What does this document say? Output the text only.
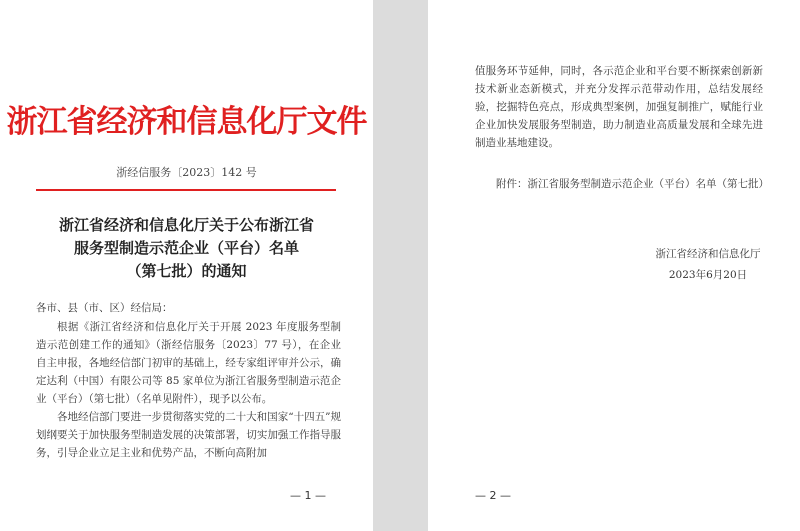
浙江省经济和信息化厅文件
浙经信服务〔2023〕142 号
浙江省经济和信息化厅关于公布浙江省
服务型制造示范企业（平台）名单
（第七批）的通知
各市、县（市、区）经信局：

根据《浙江省经济和信息化厅关于开展 2023 年度服务型制造示范创建工作的通知》（浙经信服务〔2023〕77 号），在企业自主申报，各地经信部门初审的基础上，经专家组评审并公示，确定达利（中国）有限公司等 85 家单位为浙江省服务型制造示范企业（平台）（第七批）（名单见附件），现予以公布。

各地经信部门要进一步贯彻落实党的二十大和国家“十四五”规划纲要关于加快服务型制造发展的决策部署，切实加强工作指导服务，引导企业立足主业和优势产品，不断向高附加

— 1 —

值服务环节延伸，同时，各示范企业和平台要不断探索创新新技术新业态新模式，并充分发挥示范带动作用，总结发展经验，挖掘特色亮点，形成典型案例，加强复制推广，赋能行业企业加快发展服务型制造，助力制造业高质量发展和全球先进制造业基地建设。

附件：浙江省服务型制造示范企业（平台）名单（第七批）
浙江省经济和信息化厅
2023年6月20日
— 2 —
